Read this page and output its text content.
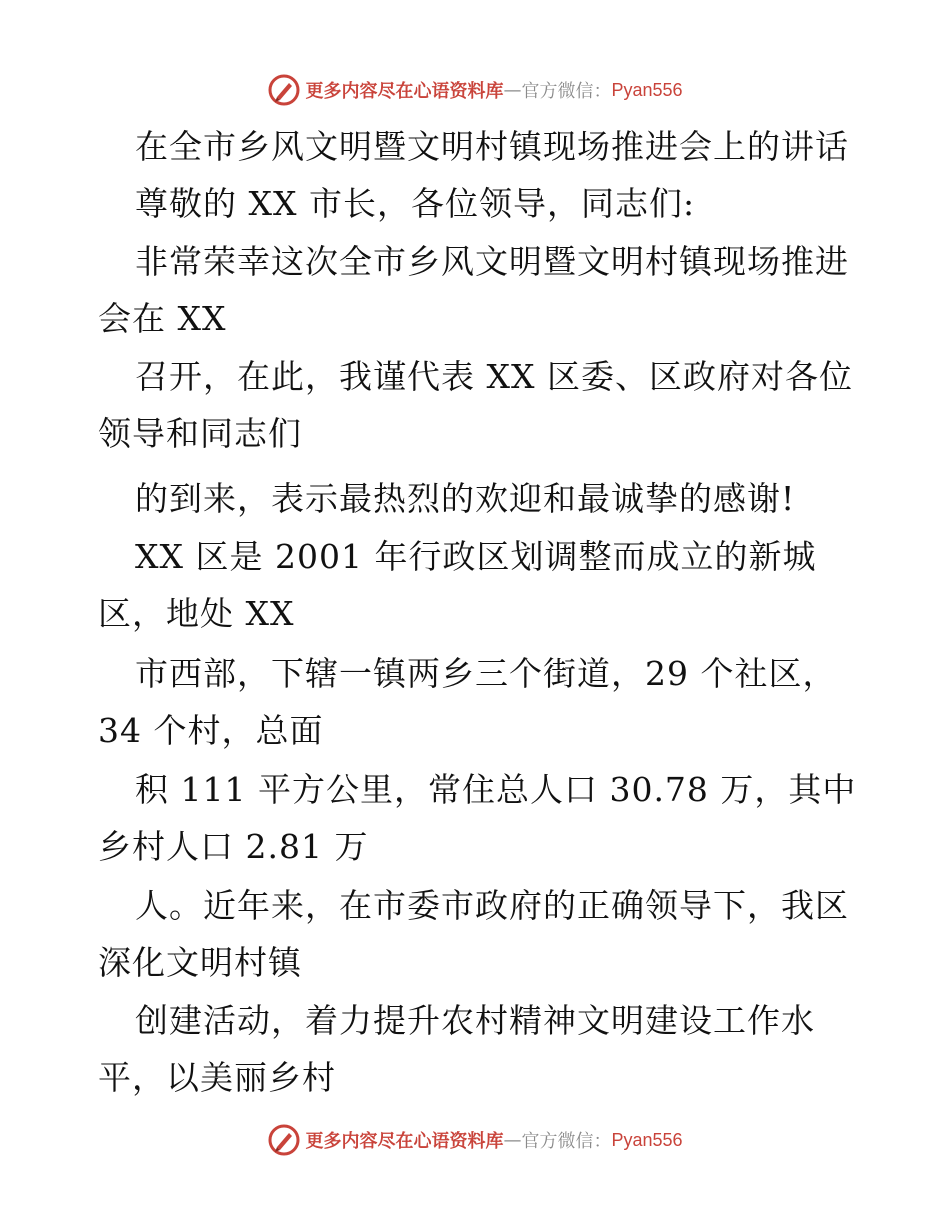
更多内容尽在心语资料库 — 官方微信： Pyan556
在全市乡风文明暨文明村镇现场推进会上的讲话
尊敬的 XX 市长，各位领导，同志们:
非常荣幸这次全市乡风文明暨文明村镇现场推进
会在 XX
召开，在此，我谨代表 XX 区委、区政府对各位
领导和同志们
的到来，表示最热烈的欢迎和最诚挚的感谢!
XX 区是 2001 年行政区划调整而成立的新城
区，地处 XX
市西部，下辖一镇两乡三个街道，29 个社区，
34 个村，总面
积 111 平方公里，常住总人口 30.78 万，其中
乡村人口 2.81 万
人。近年来，在市委市政府的正确领导下，我区
深化文明村镇
创建活动，着力提升农村精神文明建设工作水
平，以美丽乡村
更多内容尽在心语资料库 — 官方微信： Pyan556
